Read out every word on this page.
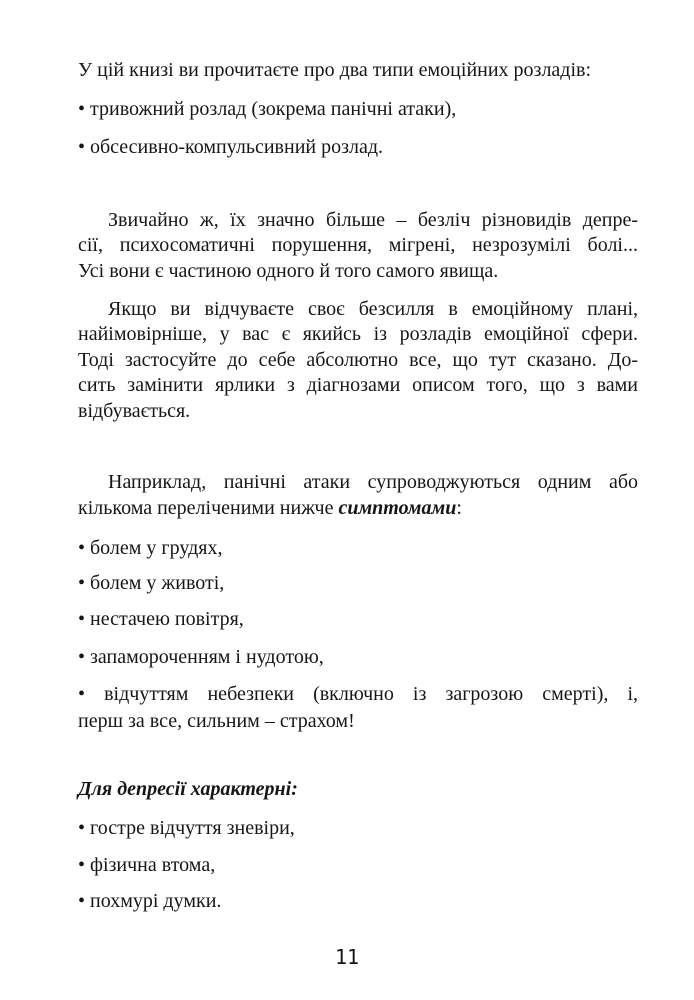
У цій книзі ви прочитаєте про два типи емоційних розладів:
• тривожний розлад (зокрема панічні атаки),
• обсесивно-компульсивний розлад.
Звичайно ж, їх значно більше – безліч різновидів депре-
сії, психосоматичні порушення, мігрені, незрозумілі болі...
Усі вони є частиною одного й того самого явища.
Якщо ви відчуваєте своє безсилля в емоційному плані,
найімовірніше, у вас є якийсь із розладів емоційної сфери.
Тоді застосуйте до себе абсолютно все, що тут сказано. До-
сить замінити ярлики з діагнозами описом того, що з вами
відбувається.
Наприклад, панічні атаки супроводжуються одним або
кількома переліченими нижче симптомами:
• болем у грудях,
• болем у животі,
• нестачею повітря,
• запамороченням і нудотою,
• відчуттям небезпеки (включно із загрозою смерті), і,
перш за все, сильним – страхом!
Для депресії характерні:
• гостре відчуття зневіри,
• фізична втома,
• похмурі думки.
11
